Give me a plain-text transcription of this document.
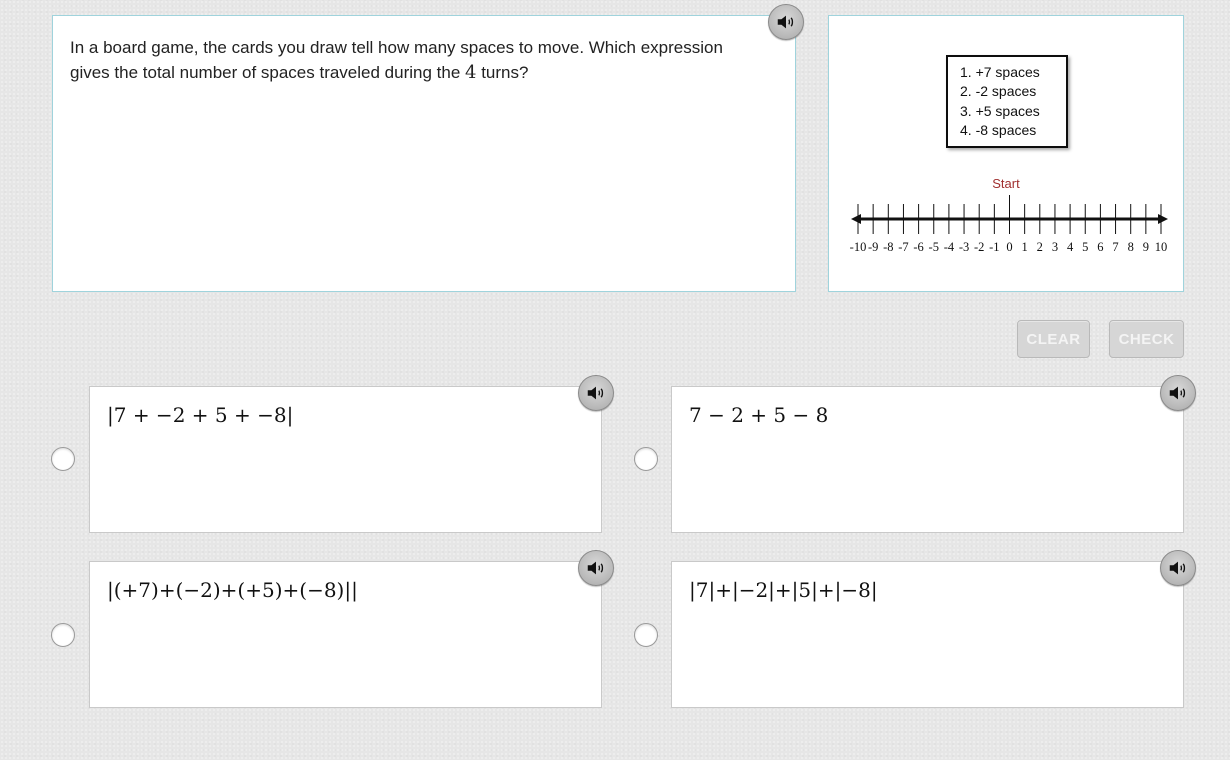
In a board game, the cards you draw tell how many spaces to move. Which expression gives the total number of spaces traveled during the 4 turns?	1. +7 spaces
2. -2 spaces
3. +5 spaces
4. -8 spaces
Start
-10 -9 -8 -7 -6 -5 -4 -3 -2 -1 0 1 2 3 4 5 6 7 8 9 10
CLEAR	CHECK
|7 + −2 + 5 + −8|	7 − 2 + 5 − 8
|(+7)+(−2)+(+5)+(−8)||	|7|+|−2|+|5|+|−8|
